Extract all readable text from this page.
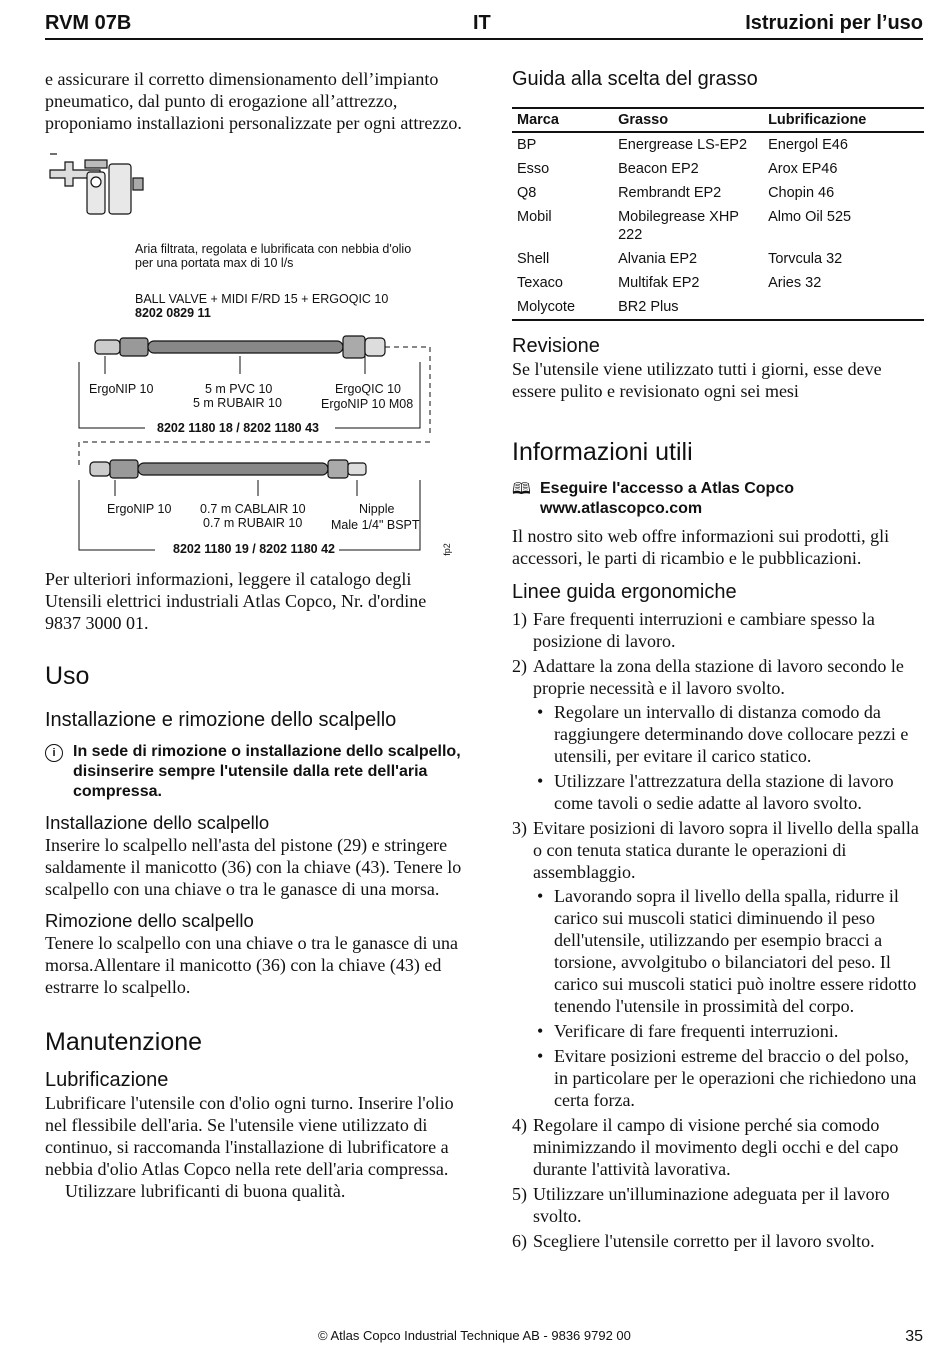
RVM 07B	IT	Istruzioni per l’uso

e assicurare il corretto dimensionamento dell’impianto pneumatico, dal punto di erogazione all’attrezzo, proponiamo installazioni personalizzate per ogni attrezzo.

Aria filtrata, regolata e lubrificata con nebbia d'olio
per una portata max di 10 l/s
BALL VALVE + MIDI F/RD 15 + ERGOQIC 10
8202 0829 11
ErgoNIP 10	5 m PVC 10
5 m RUBAIR 10
ErgoQIC 10
ErgoNIP 10 M08
8202 1180 18 / 8202 1180 43
ErgoNIP 10 0.7 m CABLAIR 10
0.7 m RUBAIR 10
Nipple
Male 1/4" BSPT
8202 1180 19 / 8202 1180 42	fp2

Per ulteriori informazioni, leggere il catalogo degli Utensili elettrici industriali Atlas Copco, Nr. d'ordine 9837 3000 01.

Uso
Installazione e rimozione dello scalpello

i	In sede di rimozione o installazione dello scalpello, disinserire sempre l'utensile dalla rete dell'aria compressa.

Installazione dello scalpello

Inserire lo scalpello nell'asta del pistone (29) e stringere saldamente il manicotto (36) con la chiave (43). Tenere lo scalpello con una chiave o tra le ganasce di una morsa.

Rimozione dello scalpello

Tenere lo scalpello con una chiave o tra le ganasce di una morsa.Allentare il manicotto (36) con la chiave (43) ed estrarre lo scalpello.

Manutenzione
Lubrificazione

Lubrificare l'utensile con d'olio ogni turno. Inserire l'olio nel flessibile dell'aria. Se l'utensile viene utilizzato di continuo, si raccomanda l'installazione di lubrificatore a nebbia d'olio Atlas Copco nella rete dell'aria compressa.

Utilizzare lubrificanti di buona qualità.

Guida alla scelta del grasso
Marca	Grasso	Lubrificazione
BP	Energrease LS-EP2	Energol E46
Esso	Beacon EP2	Arox EP46
Q8	Rembrandt EP2	Chopin 46
Mobil	Mobilegrease XHP 222	Almo Oil 525
Shell	Alvania EP2	Torvcula 32
Texaco	Multifak EP2	Aries 32
Molycote	BR2 Plus	
Revisione

Se l'utensile viene utilizzato tutti i giorni, esse deve essere pulito e revisionato ogni sei mesi

Informazioni utili
🕮 Eseguire l'accesso a Atlas Copco
www.atlascopco.com

Il nostro sito web offre informazioni sui prodotti, gli accessori, le parti di ricambio e le pubblicazioni.

Linee guida ergonomiche
1) Fare frequenti interruzioni e cambiare spesso la posizione di lavoro.
2) Adattare la zona della stazione di lavoro secondo le proprie necessità e il lavoro svolto.
• Regolare un intervallo di distanza comodo da raggiungere determinando dove collocare pezzi e utensili, per evitare il carico statico.
• Utilizzare l'attrezzatura della stazione di lavoro come tavoli o sedie adatte al lavoro svolto.
3) Evitare posizioni di lavoro sopra il livello della spalla o con tenuta statica durante le operazioni di assemblaggio.
• Lavorando sopra il livello della spalla, ridurre il carico sui muscoli statici diminuendo il peso dell'utensile, utilizzando per esempio bracci a torsione, avvolgitubo o bilanciatori del peso. Il carico sui muscoli statici può inoltre essere ridotto tenendo l'utensile in prossimità del corpo.
• Verificare di fare frequenti interruzioni.
• Evitare posizioni estreme del braccio o del polso, in particolare per le operazioni che richiedono una certa forza.
4) Regolare il campo di visione perché sia comodo minimizzando il movimento degli occhi e del capo durante l'attività lavorativa.
5) Utilizzare un'illuminazione adeguata per il lavoro svolto.
6) Scegliere l'utensile corretto per il lavoro svolto.
© Atlas Copco Industrial Technique AB - 9836 9792 00	35
